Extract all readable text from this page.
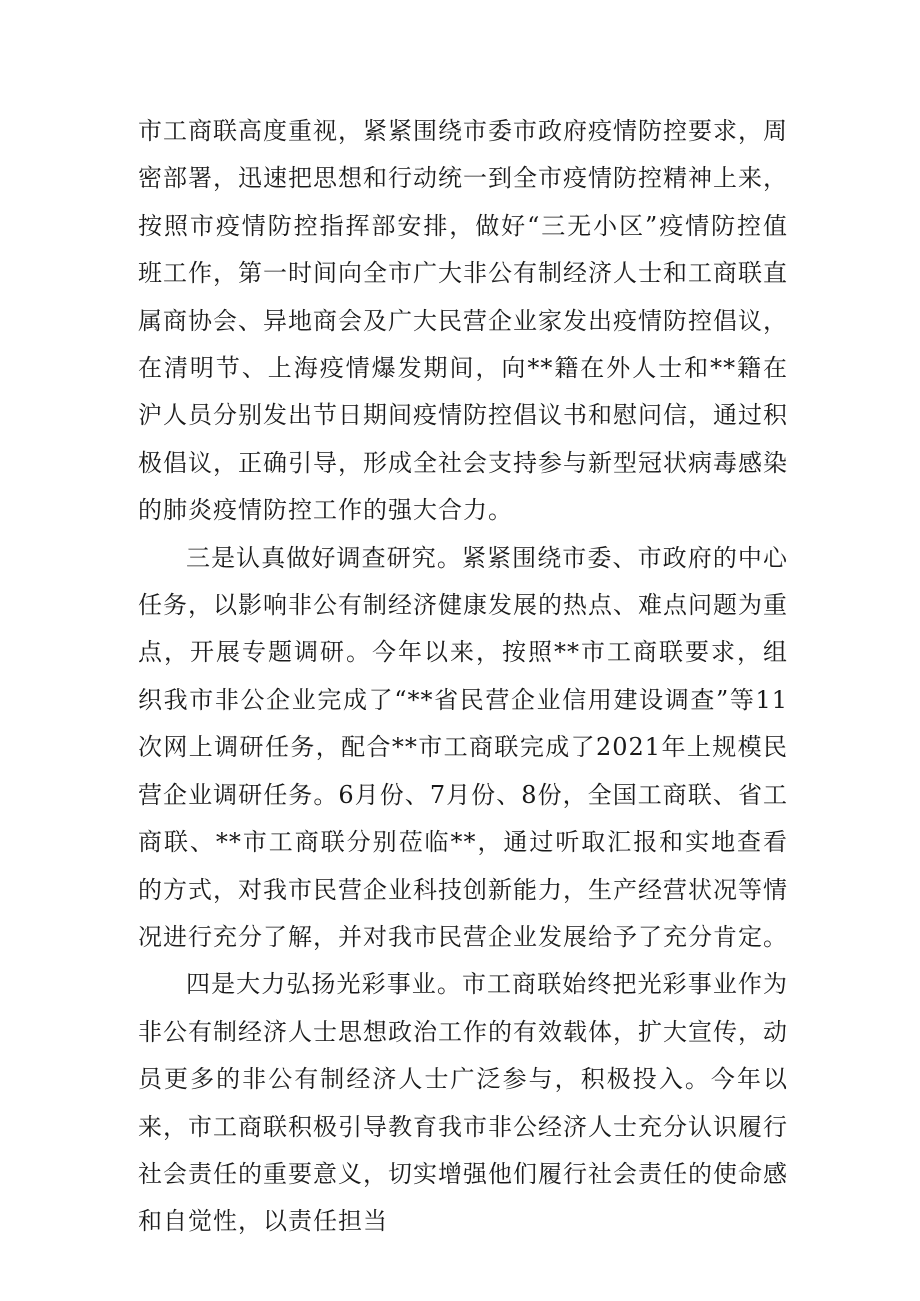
市工商联高度重视，紧紧围绕市委市政府疫情防控要求，周密部署，迅速把思想和行动统一到全市疫情防控精神上来，按照市疫情防控指挥部安排，做好“三无小区”疫情防控值班工作，第一时间向全市广大非公有制经济人士和工商联直属商协会、异地商会及广大民营企业家发出疫情防控倡议，在清明节、上海疫情爆发期间，向**籍在外人士和**籍在沪人员分别发出节日期间疫情防控倡议书和慰问信，通过积极倡议，正确引导，形成全社会支持参与新型冠状病毒感染的肺炎疫情防控工作的强大合力。

三是认真做好调查研究。紧紧围绕市委、市政府的中心任务，以影响非公有制经济健康发展的热点、难点问题为重点，开展专题调研。今年以来，按照**市工商联要求，组织我市非公企业完成了“**省民营企业信用建设调查”等11次网上调研任务，配合**市工商联完成了2021年上规模民营企业调研任务。6月份、7月份、8份，全国工商联、省工商联、**市工商联分别莅临**，通过听取汇报和实地查看的方式，对我市民营企业科技创新能力，生产经营状况等情况进行充分了解，并对我市民营企业发展给予了充分肯定。

四是大力弘扬光彩事业。市工商联始终把光彩事业作为非公有制经济人士思想政治工作的有效载体，扩大宣传，动员更多的非公有制经济人士广泛参与，积极投入。今年以来，市工商联积极引导教育我市非公经济人士充分认识履行社会责任的重要意义，切实增强他们履行社会责任的使命感和自觉性，以责任担当
